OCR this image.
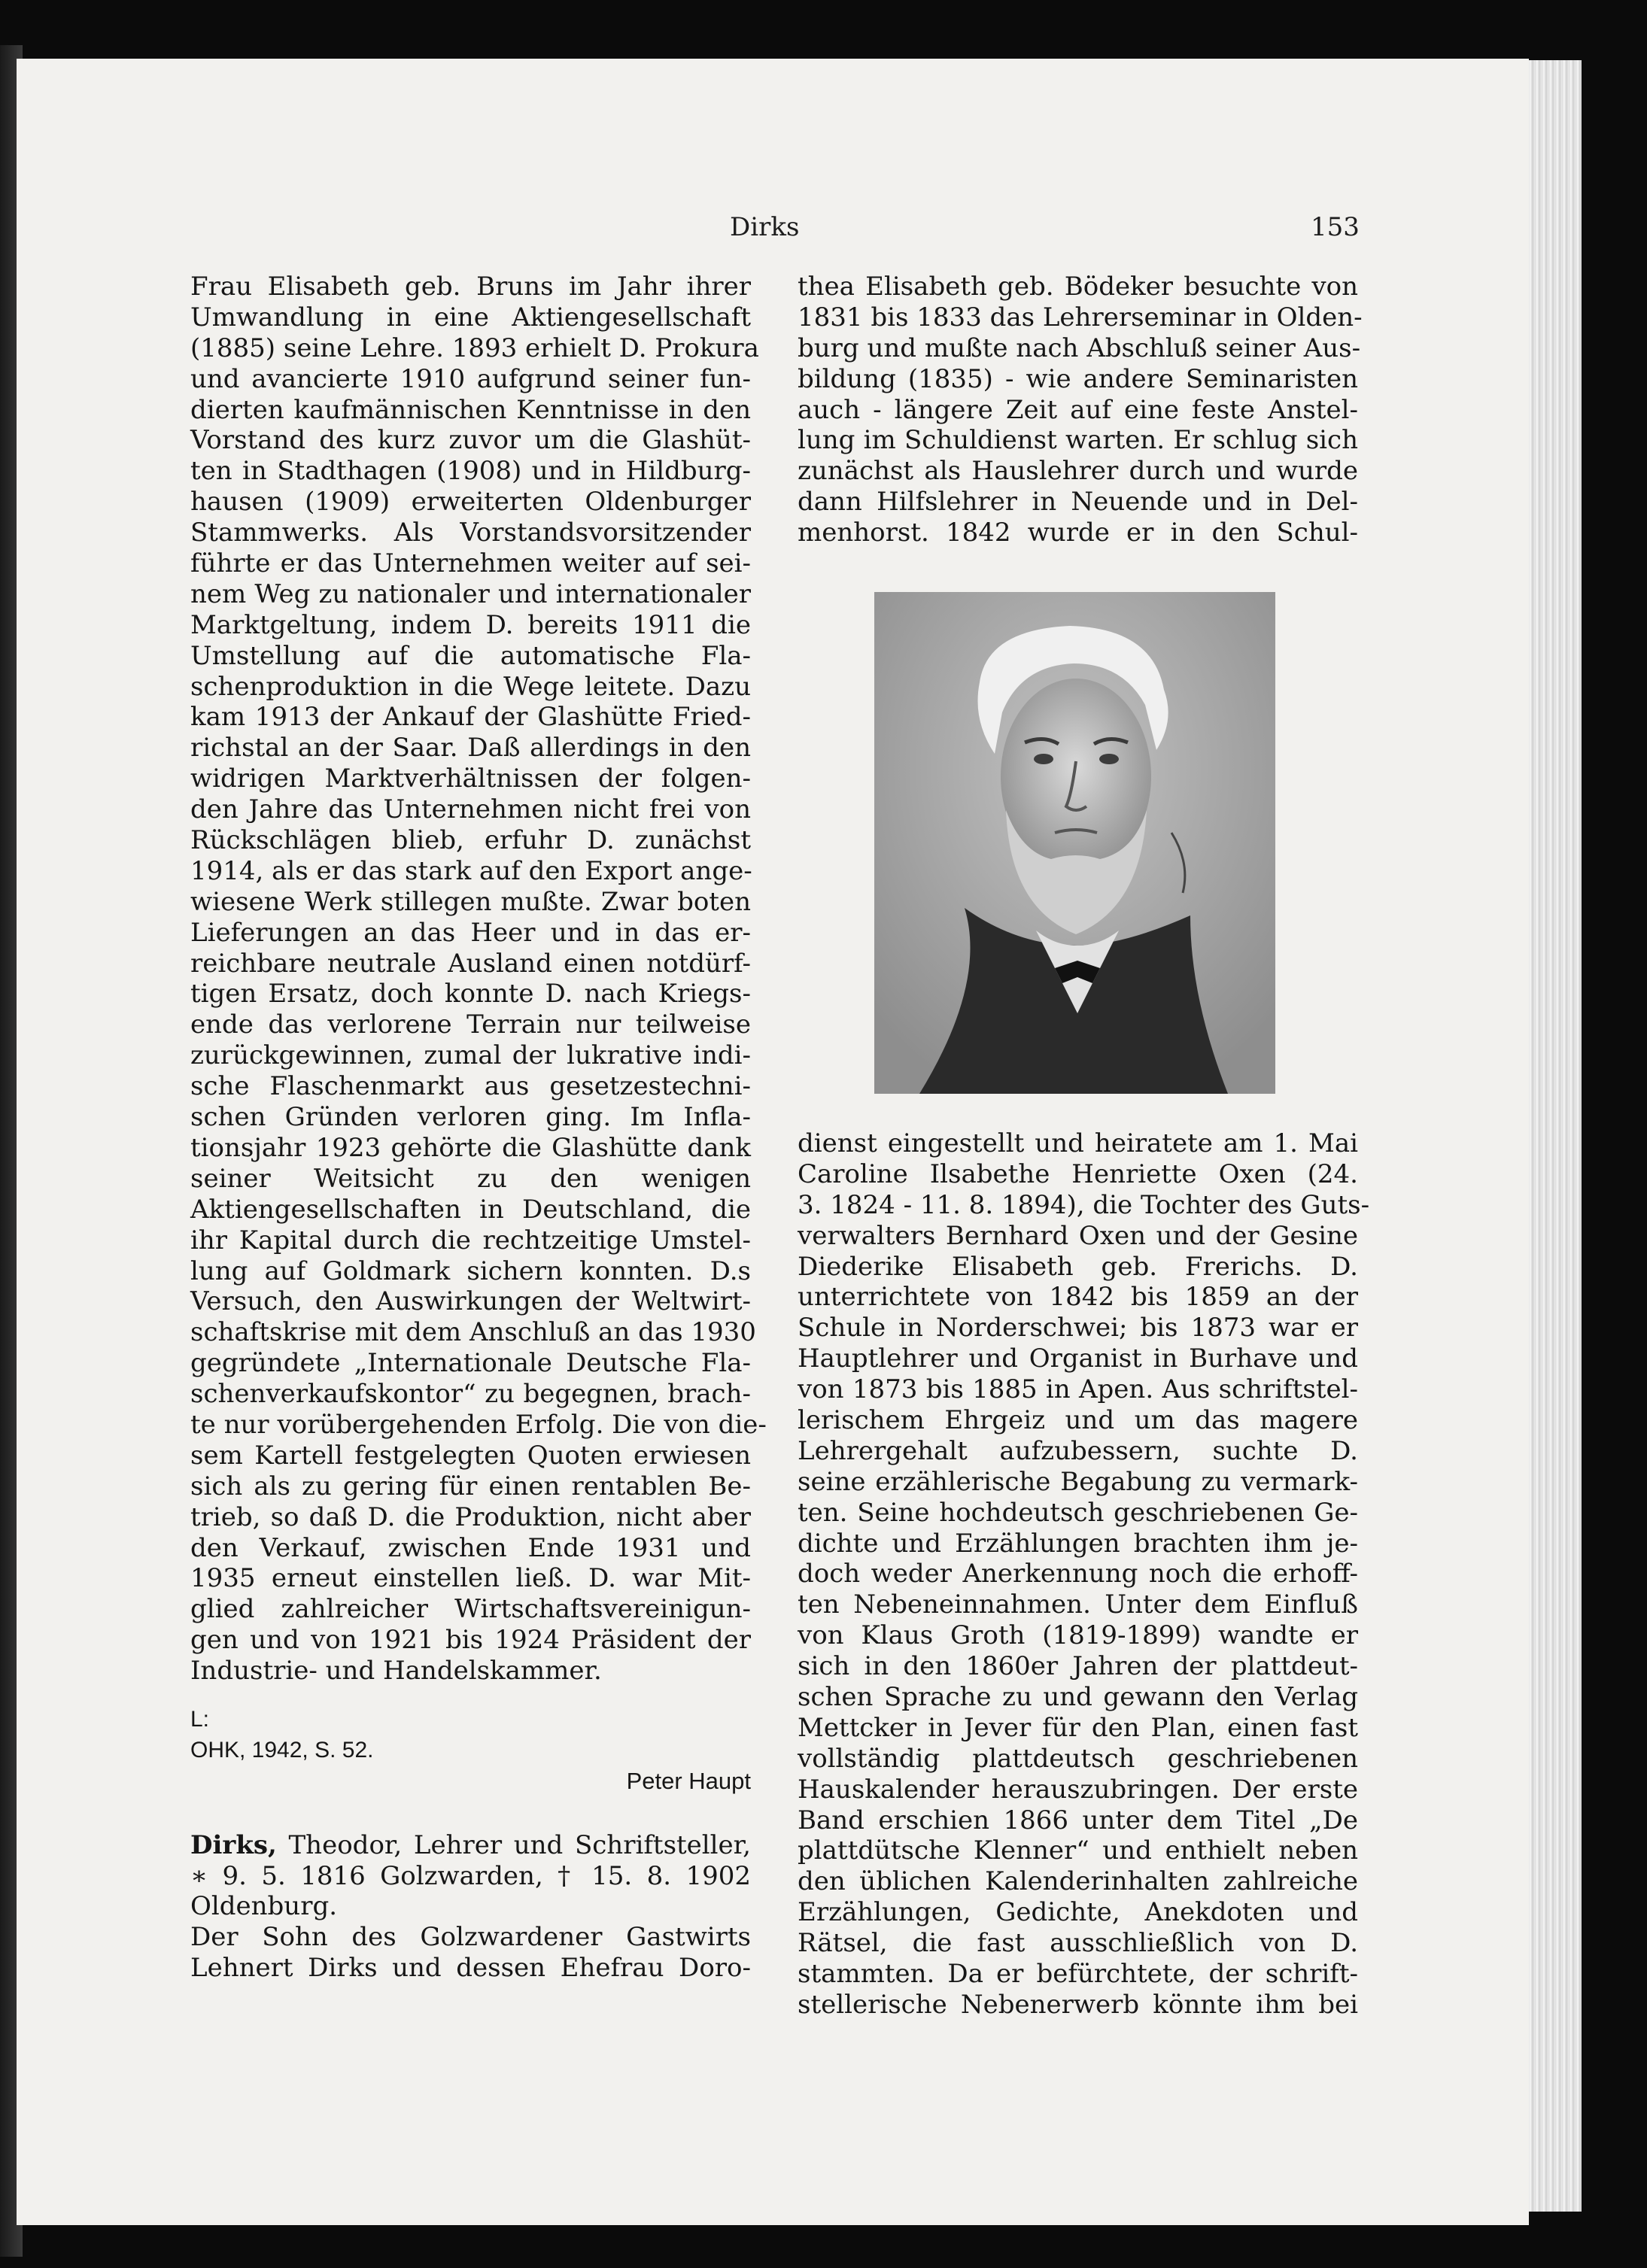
Dirks	153
Frau Elisabeth geb. Bruns im Jahr ihrer
Umwandlung in eine Aktiengesellschaft
(1885) seine Lehre. 1893 erhielt D. Prokura
und avancierte 1910 aufgrund seiner fun-
dierten kaufmännischen Kenntnisse in den
Vorstand des kurz zuvor um die Glashüt-
ten in Stadthagen (1908) und in Hildburg-
hausen (1909) erweiterten Oldenburger
Stammwerks. Als Vorstandsvorsitzender
führte er das Unternehmen weiter auf sei-
nem Weg zu nationaler und internationaler
Marktgeltung, indem D. bereits 1911 die
Umstellung auf die automatische Fla-
schenproduktion in die Wege leitete. Dazu
kam 1913 der Ankauf der Glashütte Fried-
richstal an der Saar. Daß allerdings in den
widrigen Marktverhältnissen der folgen-
den Jahre das Unternehmen nicht frei von
Rückschlägen blieb, erfuhr D. zunächst
1914, als er das stark auf den Export ange-
wiesene Werk stillegen mußte. Zwar boten
Lieferungen an das Heer und in das er-
reichbare neutrale Ausland einen notdürf-
tigen Ersatz, doch konnte D. nach Kriegs-
ende das verlorene Terrain nur teilweise
zurückgewinnen, zumal der lukrative indi-
sche Flaschenmarkt aus gesetzestechni-
schen Gründen verloren ging. Im Infla-
tionsjahr 1923 gehörte die Glashütte dank
seiner Weitsicht zu den wenigen
Aktiengesellschaften in Deutschland, die
ihr Kapital durch die rechtzeitige Umstel-
lung auf Goldmark sichern konnten. D.s
Versuch, den Auswirkungen der Weltwirt-
schaftskrise mit dem Anschluß an das 1930
gegründete „Internationale Deutsche Fla-
schenverkaufskontor“ zu begegnen, brach-
te nur vorübergehenden Erfolg. Die von die-
sem Kartell festgelegten Quoten erwiesen
sich als zu gering für einen rentablen Be-
trieb, so daß D. die Produktion, nicht aber
den Verkauf, zwischen Ende 1931 und
1935 erneut einstellen ließ. D. war Mit-
glied zahlreicher Wirtschaftsvereinigun-
gen und von 1921 bis 1924 Präsident der
Industrie- und Handelskammer.
L:
OHK, 1942, S. 52.
Peter Haupt
Dirks, Theodor, Lehrer und Schriftsteller,
∗ 9. 5. 1816 Golzwarden, † 15. 8. 1902
Oldenburg.
Der Sohn des Golzwardener Gastwirts
Lehnert Dirks und dessen Ehefrau Doro-
thea Elisabeth geb. Bödeker besuchte von
1831 bis 1833 das Lehrerseminar in Olden-
burg und mußte nach Abschluß seiner Aus-
bildung (1835) - wie andere Seminaristen
auch - längere Zeit auf eine feste Anstel-
lung im Schuldienst warten. Er schlug sich
zunächst als Hauslehrer durch und wurde
dann Hilfslehrer in Neuende und in Del-
menhorst. 1842 wurde er in den Schul-
dienst eingestellt und heiratete am 1. Mai
Caroline Ilsabethe Henriette Oxen (24.
3. 1824 - 11. 8. 1894), die Tochter des Guts-
verwalters Bernhard Oxen und der Gesine
Diederike Elisabeth geb. Frerichs. D.
unterrichtete von 1842 bis 1859 an der
Schule in Norderschwei; bis 1873 war er
Hauptlehrer und Organist in Burhave und
von 1873 bis 1885 in Apen. Aus schriftstel-
lerischem Ehrgeiz und um das magere
Lehrergehalt aufzubessern, suchte D.
seine erzählerische Begabung zu vermark-
ten. Seine hochdeutsch geschriebenen Ge-
dichte und Erzählungen brachten ihm je-
doch weder Anerkennung noch die erhoff-
ten Nebeneinnahmen. Unter dem Einfluß
von Klaus Groth (1819-1899) wandte er
sich in den 1860er Jahren der plattdeut-
schen Sprache zu und gewann den Verlag
Mettcker in Jever für den Plan, einen fast
vollständig plattdeutsch geschriebenen
Hauskalender herauszubringen. Der erste
Band erschien 1866 unter dem Titel „De
plattdütsche Klenner“ und enthielt neben
den üblichen Kalenderinhalten zahlreiche
Erzählungen, Gedichte, Anekdoten und
Rätsel, die fast ausschließlich von D.
stammten. Da er befürchtete, der schrift-
stellerische Nebenerwerb könnte ihm bei
